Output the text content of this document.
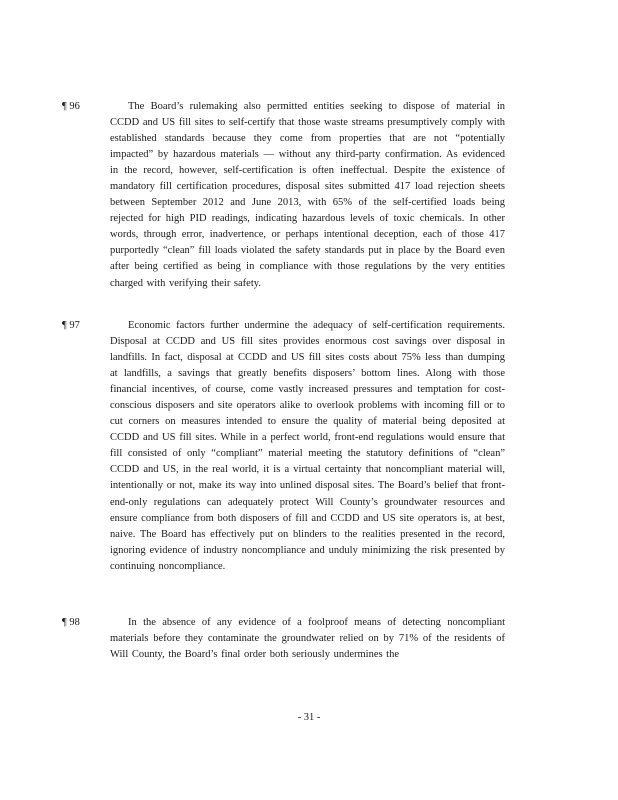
¶ 96	The Board’s rulemaking also permitted entities seeking to dispose of material in CCDD and US fill sites to self-certify that those waste streams presumptively comply with established standards because they come from properties that are not “potentially impacted” by hazardous materials — without any third-party confirmation. As evidenced in the record, however, self-certification is often ineffectual. Despite the existence of mandatory fill certification procedures, disposal sites submitted 417 load rejection sheets between September 2012 and June 2013, with 65% of the self-certified loads being rejected for high PID readings, indicating hazardous levels of toxic chemicals. In other words, through error, inadvertence, or perhaps intentional deception, each of those 417 purportedly “clean” fill loads violated the safety standards put in place by the Board even after being certified as being in compliance with those regulations by the very entities charged with verifying their safety.
¶ 97	Economic factors further undermine the adequacy of self-certification requirements. Disposal at CCDD and US fill sites provides enormous cost savings over disposal in landfills. In fact, disposal at CCDD and US fill sites costs about 75% less than dumping at landfills, a savings that greatly benefits disposers’ bottom lines. Along with those financial incentives, of course, come vastly increased pressures and temptation for cost-conscious disposers and site operators alike to overlook problems with incoming fill or to cut corners on measures intended to ensure the quality of material being deposited at CCDD and US fill sites. While in a perfect world, front-end regulations would ensure that fill consisted of only “compliant” material meeting the statutory definitions of “clean” CCDD and US, in the real world, it is a virtual certainty that noncompliant material will, intentionally or not, make its way into unlined disposal sites. The Board’s belief that front-end-only regulations can adequately protect Will County’s groundwater resources and ensure compliance from both disposers of fill and CCDD and US site operators is, at best, naive. The Board has effectively put on blinders to the realities presented in the record, ignoring evidence of industry noncompliance and unduly minimizing the risk presented by continuing noncompliance.
¶ 98	In the absence of any evidence of a foolproof means of detecting noncompliant materials before they contaminate the groundwater relied on by 71% of the residents of Will County, the Board’s final order both seriously undermines the
- 31 -
